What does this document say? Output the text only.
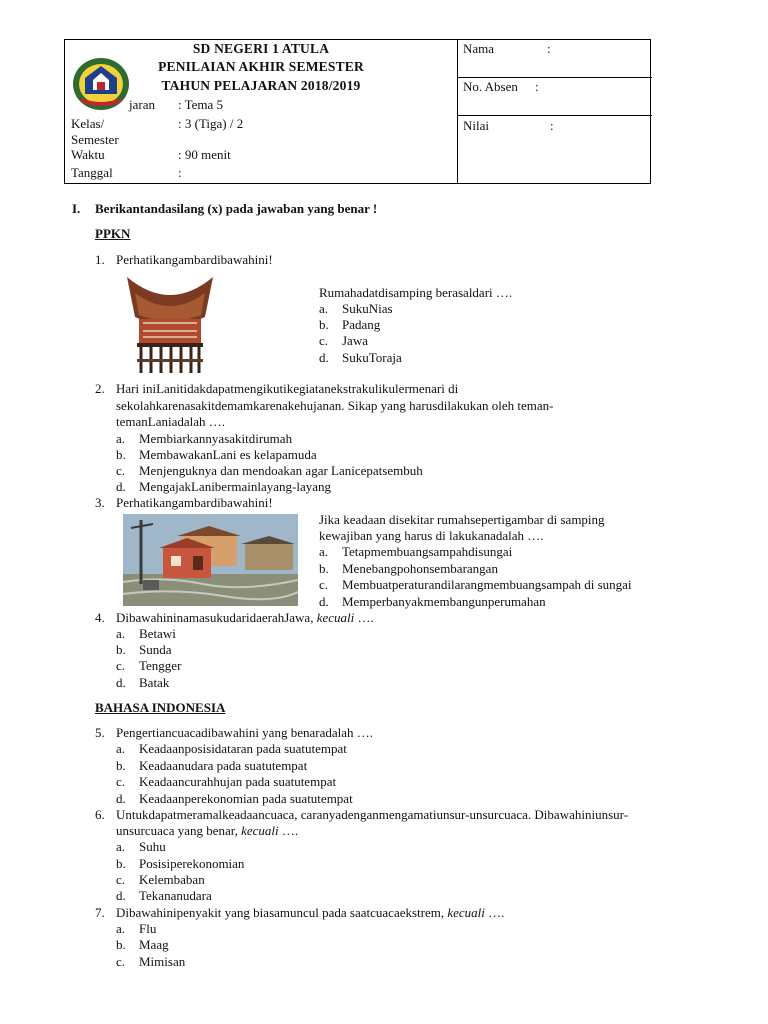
SD NEGERI 1 ATULA
PENILAIAN AKHIR SEMESTER
TAHUN PELAJARAN 2018/2019
jaran : Tema 5
Kelas/	: 3 (Tiga) / 2
Semester
Waktu	: 90 menit
Tanggal	:
Nama	:
No. Absen :
Nilai	:
I. Berikantandasilang (x) pada jawaban yang benar !
PPKN
1. Perhatikangambardibawahini!
Rumahadatdisamping berasaldari ….
a. SukuNias
b. Padang
c. Jawa
d. SukuToraja
2. Hari iniLanitidakdapatmengikutikegiatanekstrakulikulermenari di
sekolahkarenasakitdemamkarenakehujanan. Sikap yang harusdilakukan oleh teman-
temanLaniadalah ….
a. Membiarkannyasakitdirumah
b. MembawakanLani es kelapamuda
c. Menjenguknya dan mendoakan agar Lanicepatsembuh
d. MengajakLanibermainlayang-layang
3. Perhatikangambardibawahini!
Jika keadaan disekitar rumahsepertigambar di samping
kewajiban yang harus di lakukanadalah ….
a. Tetapmembuangsampahdisungai
b. Menebangpohonsembarangan
c. Membuatperaturandilarangmembuangsampah di sungai
d. Memperbanyakmembangunperumahan
4. DibawahininamasukudaridaerahJawa, kecuali ….
a. Betawi
b. Sunda
c. Tengger
d. Batak
BAHASA INDONESIA
5. Pengertiancuacadibawahini yang benaradalah ….
a. Keadaanposisidataran pada suatutempat
b. Keadaanudara pada suatutempat
c. Keadaancurahhujan pada suatutempat
d. Keadaanperekonomian pada suatutempat
6. Untukdapatmeramalkeadaancuaca, caranyadenganmengamatiunsur-unsurcuaca. Dibawahiniunsur-
unsurcuaca yang benar, kecuali ….
a. Suhu
b. Posisiperekonomian
c. Kelembaban
d. Tekananudara
7. Dibawahinipenyakit yang biasamuncul pada saatcuacaekstrem, kecuali ….
a. Flu
b. Maag
c. Mimisan
